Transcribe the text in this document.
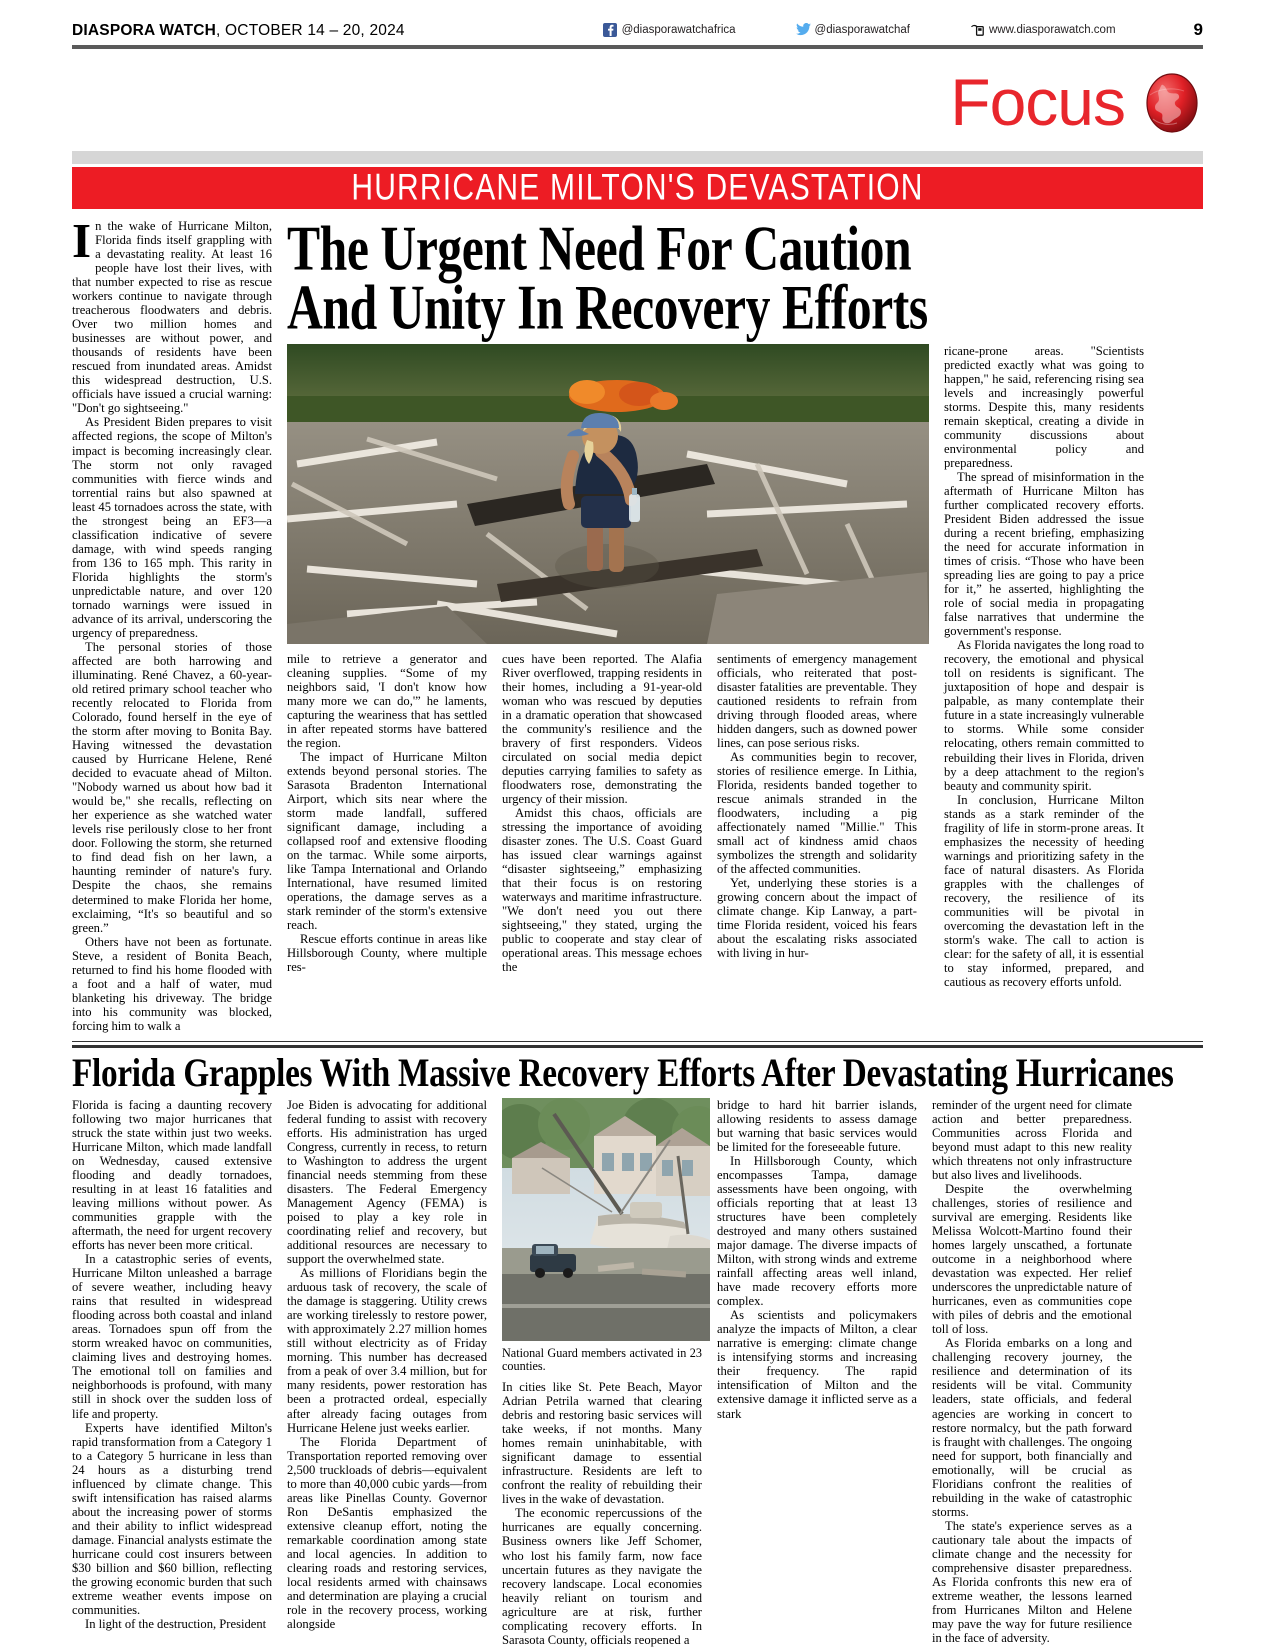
DIASPORA WATCH, OCTOBER 14 – 20, 2024	@diasporawatchafrica	@diasporawatchaf	www.diasporawatch.com	9
Focus
HURRICANE MILTON'S DEVASTATION

In the wake of Hurricane Milton, Florida finds itself grappling with a devastating reality. At least 16 people have lost their lives, with that number expected to rise as rescue workers continue to navigate through treacherous floodwaters and debris. Over two million homes and businesses are without power, and thousands of residents have been rescued from inundated areas. Amidst this widespread destruction, U.S. officials have issued a crucial warning: "Don't go sightseeing."

As President Biden prepares to visit affected regions, the scope of Milton's impact is becoming increasingly clear. The storm not only ravaged communities with fierce winds and torrential rains but also spawned at least 45 tornadoes across the state, with the strongest being an EF3—a classification indicative of severe damage, with wind speeds ranging from 136 to 165 mph. This rarity in Florida highlights the storm's unpredictable nature, and over 120 tornado warnings were issued in advance of its arrival, underscoring the urgency of preparedness.

The personal stories of those affected are both harrowing and illuminating. René Chavez, a 60-year-old retired primary school teacher who recently relocated to Florida from Colorado, found herself in the eye of the storm after moving to Bonita Bay. Having witnessed the devastation caused by Hurricane Helene, René decided to evacuate ahead of Milton. "Nobody warned us about how bad it would be," she recalls, reflecting on her experience as she watched water levels rise perilously close to her front door. Following the storm, she returned to find dead fish on her lawn, a haunting reminder of nature's fury. Despite the chaos, she remains determined to make Florida her home, exclaiming, “It's so beautiful and so green.”

Others have not been as fortunate. Steve, a resident of Bonita Beach, returned to find his home flooded with a foot and a half of water, mud blanketing his driveway. The bridge into his community was blocked, forcing him to walk a

The Urgent Need For Caution
And Unity In Recovery Efforts

mile to retrieve a generator and cleaning supplies. “Some of my neighbors said, 'I don't know how many more we can do,'” he laments, capturing the weariness that has settled in after repeated storms have battered the region.

The impact of Hurricane Milton extends beyond personal stories. The Sarasota Bradenton International Airport, which sits near where the storm made landfall, suffered significant damage, including a collapsed roof and extensive flooding on the tarmac. While some airports, like Tampa International and Orlando International, have resumed limited operations, the damage serves as a stark reminder of the storm's extensive reach.

Rescue efforts continue in areas like Hillsborough County, where multiple res-

cues have been reported. The Alafia River overflowed, trapping residents in their homes, including a 91-year-old woman who was rescued by deputies in a dramatic operation that showcased the community's resilience and the bravery of first responders. Videos circulated on social media depict deputies carrying families to safety as floodwaters rose, demonstrating the urgency of their mission.

Amidst this chaos, officials are stressing the importance of avoiding disaster zones. The U.S. Coast Guard has issued clear warnings against “disaster sightseeing,” emphasizing that their focus is on restoring waterways and maritime infrastructure. "We don't need you out there sightseeing," they stated, urging the public to cooperate and stay clear of operational areas. This message echoes the

sentiments of emergency management officials, who reiterated that post-disaster fatalities are preventable. They cautioned residents to refrain from driving through flooded areas, where hidden dangers, such as downed power lines, can pose serious risks.

As communities begin to recover, stories of resilience emerge. In Lithia, Florida, residents banded together to rescue animals stranded in the floodwaters, including a pig affectionately named "Millie." This small act of kindness amid chaos symbolizes the strength and solidarity of the affected communities.

Yet, underlying these stories is a growing concern about the impact of climate change. Kip Lanway, a part-time Florida resident, voiced his fears about the escalating risks associated with living in hur-

ricane-prone areas. "Scientists predicted exactly what was going to happen," he said, referencing rising sea levels and increasingly powerful storms. Despite this, many residents remain skeptical, creating a divide in community discussions about environmental policy and preparedness.

The spread of misinformation in the aftermath of Hurricane Milton has further complicated recovery efforts. President Biden addressed the issue during a recent briefing, emphasizing the need for accurate information in times of crisis. “Those who have been spreading lies are going to pay a price for it,” he asserted, highlighting the role of social media in propagating false narratives that undermine the government's response.

As Florida navigates the long road to recovery, the emotional and physical toll on residents is significant. The juxtaposition of hope and despair is palpable, as many contemplate their future in a state increasingly vulnerable to storms. While some consider relocating, others remain committed to rebuilding their lives in Florida, driven by a deep attachment to the region's beauty and community spirit.

In conclusion, Hurricane Milton stands as a stark reminder of the fragility of life in storm-prone areas. It emphasizes the necessity of heeding warnings and prioritizing safety in the face of natural disasters. As Florida grapples with the challenges of recovery, the resilience of its communities will be pivotal in overcoming the devastation left in the storm's wake. The call to action is clear: for the safety of all, it is essential to stay informed, prepared, and cautious as recovery efforts unfold.

Florida Grapples With Massive Recovery Efforts After Devastating Hurricanes

Florida is facing a daunting recovery following two major hurricanes that struck the state within just two weeks. Hurricane Milton, which made landfall on Wednesday, caused extensive flooding and deadly tornadoes, resulting in at least 16 fatalities and leaving millions without power. As communities grapple with the aftermath, the need for urgent recovery efforts has never been more critical.

In a catastrophic series of events, Hurricane Milton unleashed a barrage of severe weather, including heavy rains that resulted in widespread flooding across both coastal and inland areas. Tornadoes spun off from the storm wreaked havoc on communities, claiming lives and destroying homes. The emotional toll on families and neighborhoods is profound, with many still in shock over the sudden loss of life and property.

Experts have identified Milton's rapid transformation from a Category 1 to a Category 5 hurricane in less than 24 hours as a disturbing trend influenced by climate change. This swift intensification has raised alarms about the increasing power of storms and their ability to inflict widespread damage. Financial analysts estimate the hurricane could cost insurers between $30 billion and $60 billion, reflecting the growing economic burden that such extreme weather events impose on communities.

In light of the destruction, President

Joe Biden is advocating for additional federal funding to assist with recovery efforts. His administration has urged Congress, currently in recess, to return to Washington to address the urgent financial needs stemming from these disasters. The Federal Emergency Management Agency (FEMA) is poised to play a key role in coordinating relief and recovery, but additional resources are necessary to support the overwhelmed state.

As millions of Floridians begin the arduous task of recovery, the scale of the damage is staggering. Utility crews are working tirelessly to restore power, with approximately 2.27 million homes still without electricity as of Friday morning. This number has decreased from a peak of over 3.4 million, but for many residents, power restoration has been a protracted ordeal, especially after already facing outages from Hurricane Helene just weeks earlier.

The Florida Department of Transportation reported removing over 2,500 truckloads of debris—equivalent to more than 40,000 cubic yards—from areas like Pinellas County. Governor Ron DeSantis emphasized the extensive cleanup effort, noting the remarkable coordination among state and local agencies. In addition to clearing roads and restoring services, local residents armed with chainsaws and determination are playing a crucial role in the recovery process, working alongside

National Guard members activated in 23 counties.

In cities like St. Pete Beach, Mayor Adrian Petrila warned that clearing debris and restoring basic services will take weeks, if not months. Many homes remain uninhabitable, with significant damage to essential infrastructure. Residents are left to confront the reality of rebuilding their lives in the wake of devastation.

The economic repercussions of the hurricanes are equally concerning. Business owners like Jeff Schomer, who lost his family farm, now face uncertain futures as they navigate the recovery landscape. Local economies heavily reliant on tourism and agriculture are at risk, further complicating recovery efforts. In Sarasota County, officials reopened a

bridge to hard hit barrier islands, allowing residents to assess damage but warning that basic services would be limited for the foreseeable future.

In Hillsborough County, which encompasses Tampa, damage assessments have been ongoing, with officials reporting that at least 13 structures have been completely destroyed and many others sustained major damage. The diverse impacts of Milton, with strong winds and extreme rainfall affecting areas well inland, have made recovery efforts more complex.

As scientists and policymakers analyze the impacts of Milton, a clear narrative is emerging: climate change is intensifying storms and increasing their frequency. The rapid intensification of Milton and the extensive damage it inflicted serve as a stark

reminder of the urgent need for climate action and better preparedness. Communities across Florida and beyond must adapt to this new reality which threatens not only infrastructure but also lives and livelihoods.

Despite the overwhelming challenges, stories of resilience and survival are emerging. Residents like Melissa Wolcott-Martino found their homes largely unscathed, a fortunate outcome in a neighborhood where devastation was expected. Her relief underscores the unpredictable nature of hurricanes, even as communities cope with piles of debris and the emotional toll of loss.

As Florida embarks on a long and challenging recovery journey, the resilience and determination of its residents will be vital. Community leaders, state officials, and federal agencies are working in concert to restore normalcy, but the path forward is fraught with challenges. The ongoing need for support, both financially and emotionally, will be crucial as Floridians confront the realities of rebuilding in the wake of catastrophic storms.

The state's experience serves as a cautionary tale about the impacts of climate change and the necessity for comprehensive disaster preparedness. As Florida confronts this new era of extreme weather, the lessons learned from Hurricanes Milton and Helene may pave the way for future resilience in the face of adversity.
